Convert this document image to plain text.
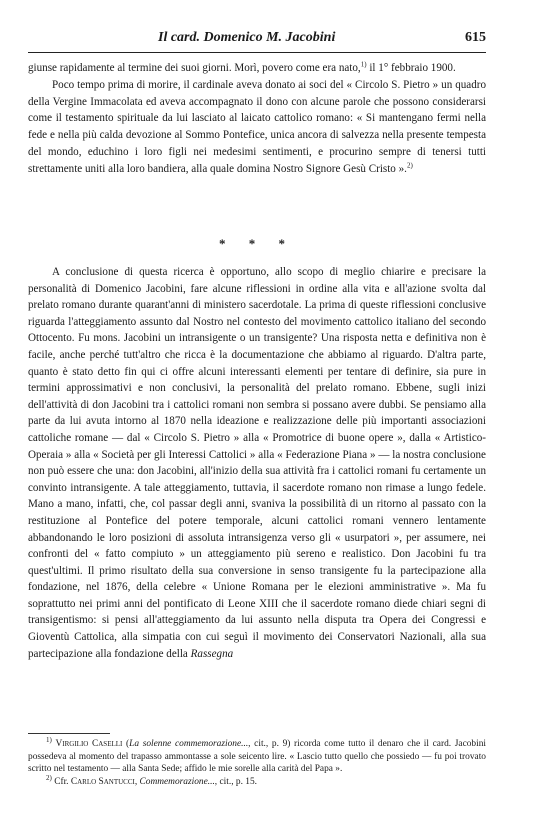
Il card. Domenico M. Jacobini	615

giunse rapidamente al termine dei suoi giorni. Morì, povero come era nato,$^{1)}$ il 1° febbraio 1900.

Poco tempo prima di morire, il cardinale aveva donato ai soci del « Circolo S. Pietro » un quadro della Vergine Immacolata ed aveva accompagnato il dono con alcune parole che possono considerarsi come il testamento spirituale da lui lasciato al laicato cattolico romano: « Si mantengano fermi nella fede e nella più calda devozione al Sommo Pontefice, unica ancora di salvezza nella presente tempesta del mondo, educhino i loro figli nei medesimi sentimenti, e procurino sempre di tenersi tutti strettamente uniti alla loro bandiera, alla quale domina Nostro Signore Gesù Cristo ».$^{2)}$

* * *

A conclusione di questa ricerca è opportuno, allo scopo di meglio chiarire e precisare la personalità di Domenico Jacobini, fare alcune riflessioni in ordine alla vita e all'azione svolta dal prelato romano durante quarant'anni di ministero sacerdotale. La prima di queste riflessioni conclusive riguarda l'atteggiamento assunto dal Nostro nel contesto del movimento cattolico italiano del secondo Ottocento. Fu mons. Jacobini un intransigente o un transigente? Una risposta netta e definitiva non è facile, anche perché tutt'altro che ricca è la documentazione che abbiamo al riguardo. D'altra parte, quanto è stato detto fin qui ci offre alcuni interessanti elementi per tentare di definire, sia pure in termini approssimativi e non conclusivi, la personalità del prelato romano. Ebbene, sugli inizi dell'attività di don Jacobini tra i cattolici romani non sembra si possano avere dubbi. Se pensiamo alla parte da lui avuta intorno al 1870 nella ideazione e realizzazione delle più importanti associazioni cattoliche romane — dal « Circolo S. Pietro » alla « Promotrice di buone opere », dalla « Artistico-Operaia » alla « Società per gli Interessi Cattolici » alla « Federazione Piana » — la nostra conclusione non può essere che una: don Jacobini, all'inizio della sua attività fra i cattolici romani fu certamente un convinto intransigente. A tale atteggiamento, tuttavia, il sacerdote romano non rimase a lungo fedele. Mano a mano, infatti, che, col passar degli anni, svaniva la possibilità di un ritorno al passato con la restituzione al Pontefice del potere temporale, alcuni cattolici romani vennero lentamente abbandonando le loro posizioni di assoluta intransigenza verso gli « usurpatori », per assumere, nei confronti del « fatto compiuto » un atteggiamento più sereno e realistico. Don Jacobini fu tra quest'ultimi. Il primo risultato della sua conversione in senso transigente fu la partecipazione alla fondazione, nel 1876, della celebre « Unione Romana per le elezioni amministrative ». Ma fu soprattutto nei primi anni del pontificato di Leone XIII che il sacerdote romano diede chiari segni di transigentismo: si pensi all'atteggiamento da lui assunto nella disputa tra Opera dei Congressi e Gioventù Cattolica, alla simpatia con cui seguì il movimento dei Conservatori Nazionali, alla sua partecipazione alla fondazione della Rassegna

$^{1)}$ Virgilio Caselli (La solenne commemorazione..., cit., p. 9) ricorda come tutto il denaro che il card. Jacobini possedeva al momento del trapasso ammontasse a sole seicento lire. « Lascio tutto quello che possiedo — fu poi trovato scritto nel testamento — alla Santa Sede; affido le mie sorelle alla carità del Papa ».

$^{2)}$ Cfr. Carlo Santucci, Commemorazione..., cit., p. 15.
